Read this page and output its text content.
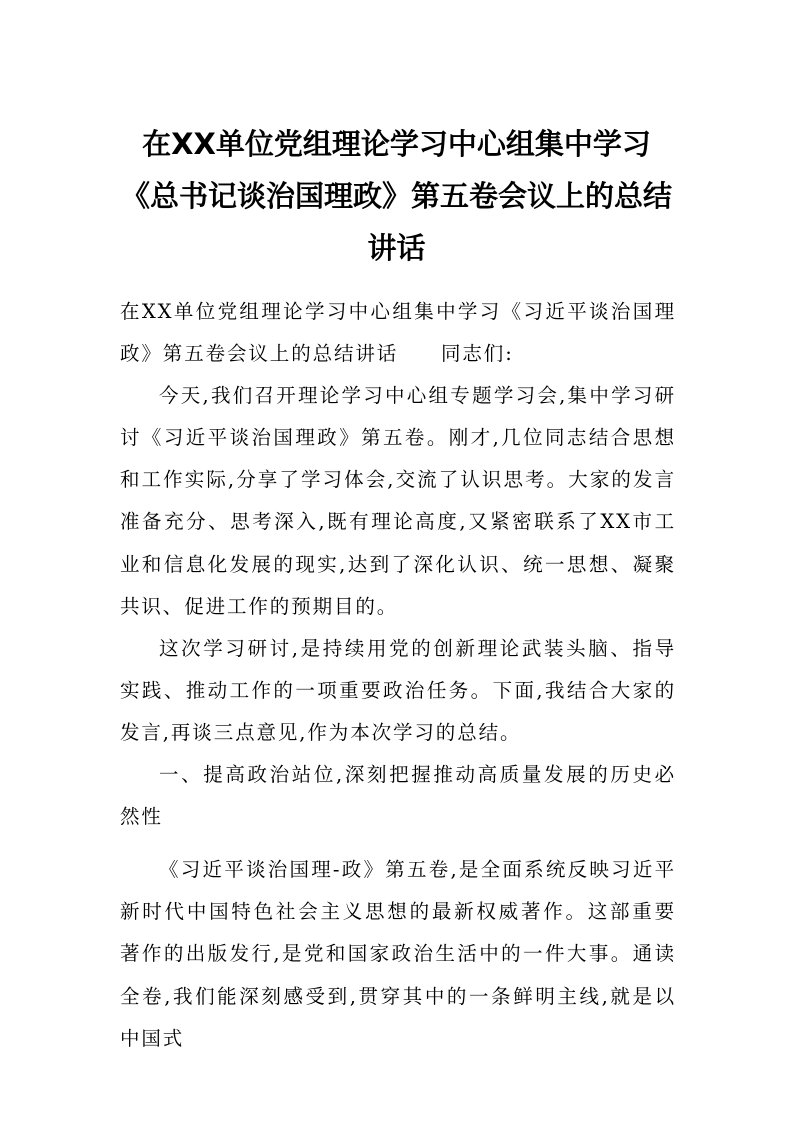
在XX单位党组理论学习中心组集中学习
《总书记谈治国理政》第五卷会议上的总结
讲话

在XX单位党组理论学习中心组集中学习《习近平谈治国理政》第五卷会议上的总结讲话　　同志们:

今天,我们召开理论学习中心组专题学习会,集中学习研讨《习近平谈治国理政》第五卷。刚才,几位同志结合思想和工作实际,分享了学习体会,交流了认识思考。大家的发言准备充分、思考深入,既有理论高度,又紧密联系了XX市工业和信息化发展的现实,达到了深化认识、统一思想、凝聚共识、促进工作的预期目的。

这次学习研讨,是持续用党的创新理论武装头脑、指导实践、推动工作的一项重要政治任务。下面,我结合大家的发言,再谈三点意见,作为本次学习的总结。

一、提高政治站位,深刻把握推动高质量发展的历史必然性

《习近平谈治国理-政》第五卷,是全面系统反映习近平新时代中国特色社会主义思想的最新权威著作。这部重要著作的出版发行,是党和国家政治生活中的一件大事。通读全卷,我们能深刻感受到,贯穿其中的一条鲜明主线,就是以中国式
